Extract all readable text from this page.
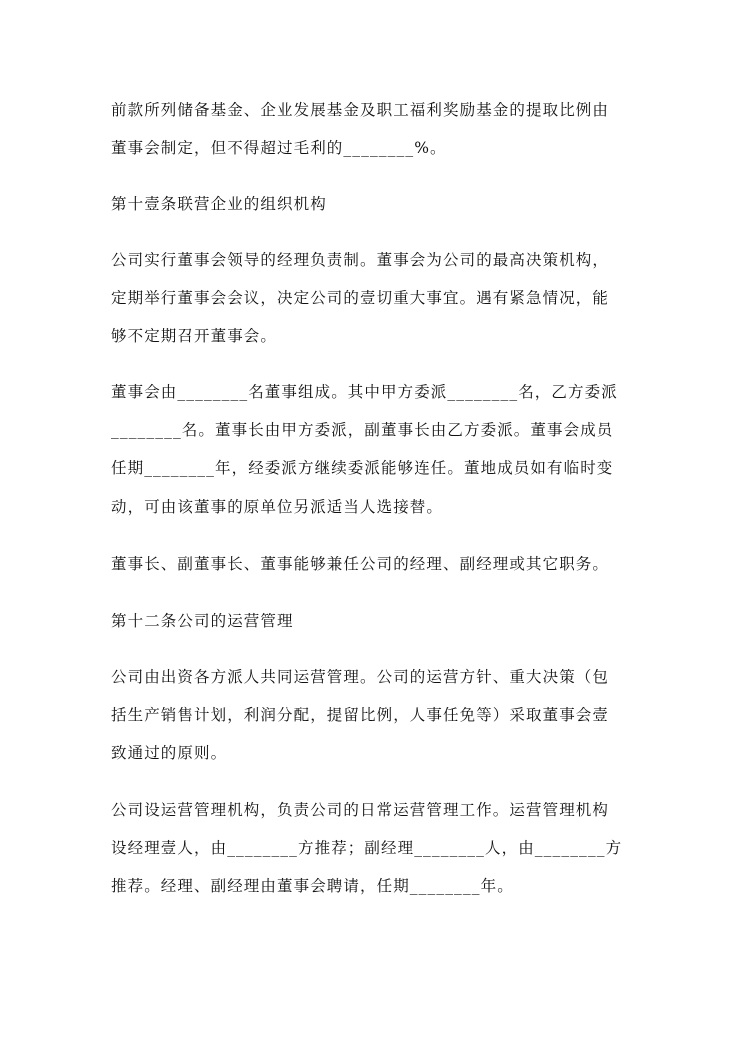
前款所列储备基金、企业发展基金及职工福利奖励基金的提取比例由
董事会制定，但不得超过毛利的________%。
第十壹条联营企业的组织机构
公司实行董事会领导的经理负责制。董事会为公司的最高决策机构，
定期举行董事会会议，决定公司的壹切重大事宜。遇有紧急情况，能
够不定期召开董事会。
董事会由________名董事组成。其中甲方委派________名，乙方委派
________名。董事长由甲方委派，副董事长由乙方委派。董事会成员
任期________年，经委派方继续委派能够连任。董地成员如有临时变
动，可由该董事的原单位另派适当人选接替。
董事长、副董事长、董事能够兼任公司的经理、副经理或其它职务。
第十二条公司的运营管理
公司由出资各方派人共同运营管理。公司的运营方针、重大决策（包
括生产销售计划，利润分配，提留比例，人事任免等）采取董事会壹
致通过的原则。
公司设运营管理机构，负责公司的日常运营管理工作。运营管理机构
设经理壹人，由________方推荐；副经理________人，由________方
推荐。经理、副经理由董事会聘请，任期________年。
